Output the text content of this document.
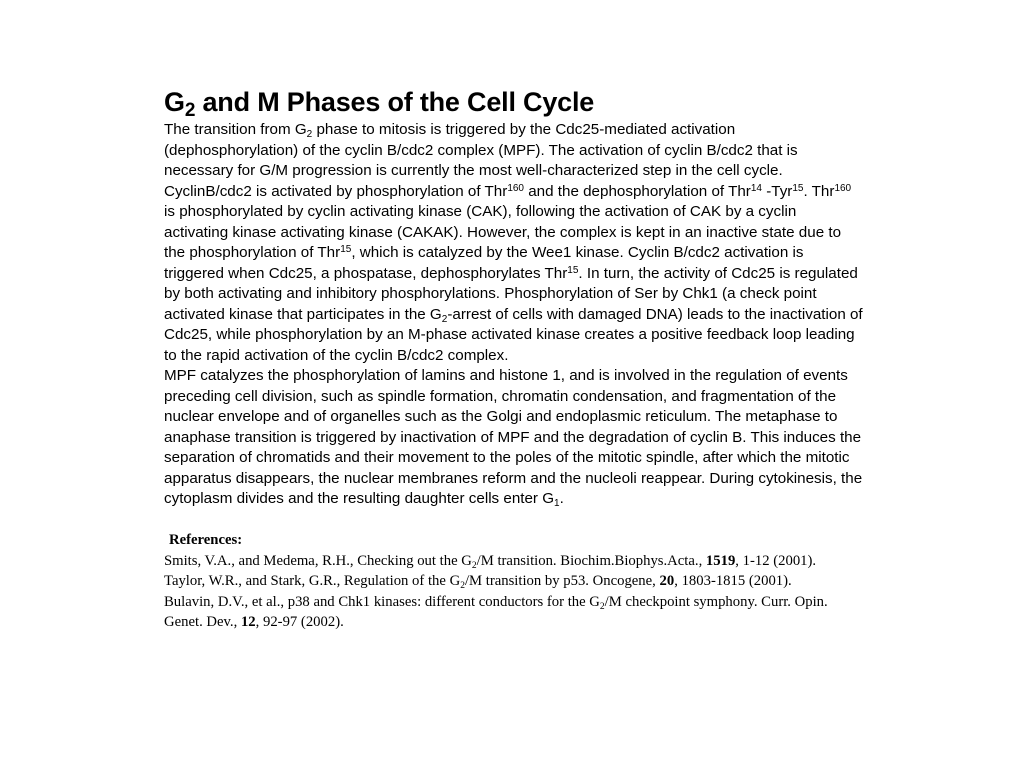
$G_2$ and M Phases of the Cell Cycle

The transition from $G_2$ phase to mitosis is triggered by the Cdc25-mediated activation (dephosphorylation) of the cyclin B/cdc2 complex (MPF). The activation of cyclin B/cdc2 that is necessary for G/M progression is currently the most well-characterized step in the cell cycle. CyclinB/cdc2 is activated by phosphorylation of Thr$^{160}$ and the dephosphorylation of Thr$^{14}$ -Tyr$^{15}$. Thr$^{160}$ is phosphorylated by cyclin activating kinase (CAK), following the activation of CAK by a cyclin activating kinase activating kinase (CAKAK). However, the complex is kept in an inactive state due to the phosphorylation of Thr$^{15}$, which is catalyzed by the Wee1 kinase. Cyclin B/cdc2 activation is triggered when Cdc25, a phospatase, dephosphorylates Thr$^{15}$. In turn, the activity of Cdc25 is regulated by both activating and inhibitory phosphorylations. Phosphorylation of Ser by Chk1 (a check point activated kinase that participates in the $G_2$-arrest of cells with damaged DNA) leads to the inactivation of Cdc25, while phosphorylation by an M-phase activated kinase creates a positive feedback loop leading to the rapid activation of the cyclin B/cdc2 complex.

MPF catalyzes the phosphorylation of lamins and histone 1, and is involved in the regulation of events preceding cell division, such as spindle formation, chromatin condensation, and fragmentation of the nuclear envelope and of organelles such as the Golgi and endoplasmic reticulum. The metaphase to anaphase transition is triggered by inactivation of MPF and the degradation of cyclin B. This induces the separation of chromatids and their movement to the poles of the mitotic spindle, after which the mitotic apparatus disappears, the nuclear membranes reform and the nucleoli reappear. During cytokinesis, the cytoplasm divides and the resulting daughter cells enter $G_1$.

References:

Smits, V.A., and Medema, R.H., Checking out the $G_2/M$ transition. Biochim.Biophys.Acta., 1519, 1-12 (2001).

Taylor, W.R., and Stark, G.R., Regulation of the $G_2/M$ transition by p53. Oncogene, 20, 1803-1815 (2001).

Bulavin, D.V., et al., p38 and Chk1 kinases: different conductors for the $G_2/M$ checkpoint symphony. Curr. Opin. Genet. Dev., 12, 92-97 (2002).
